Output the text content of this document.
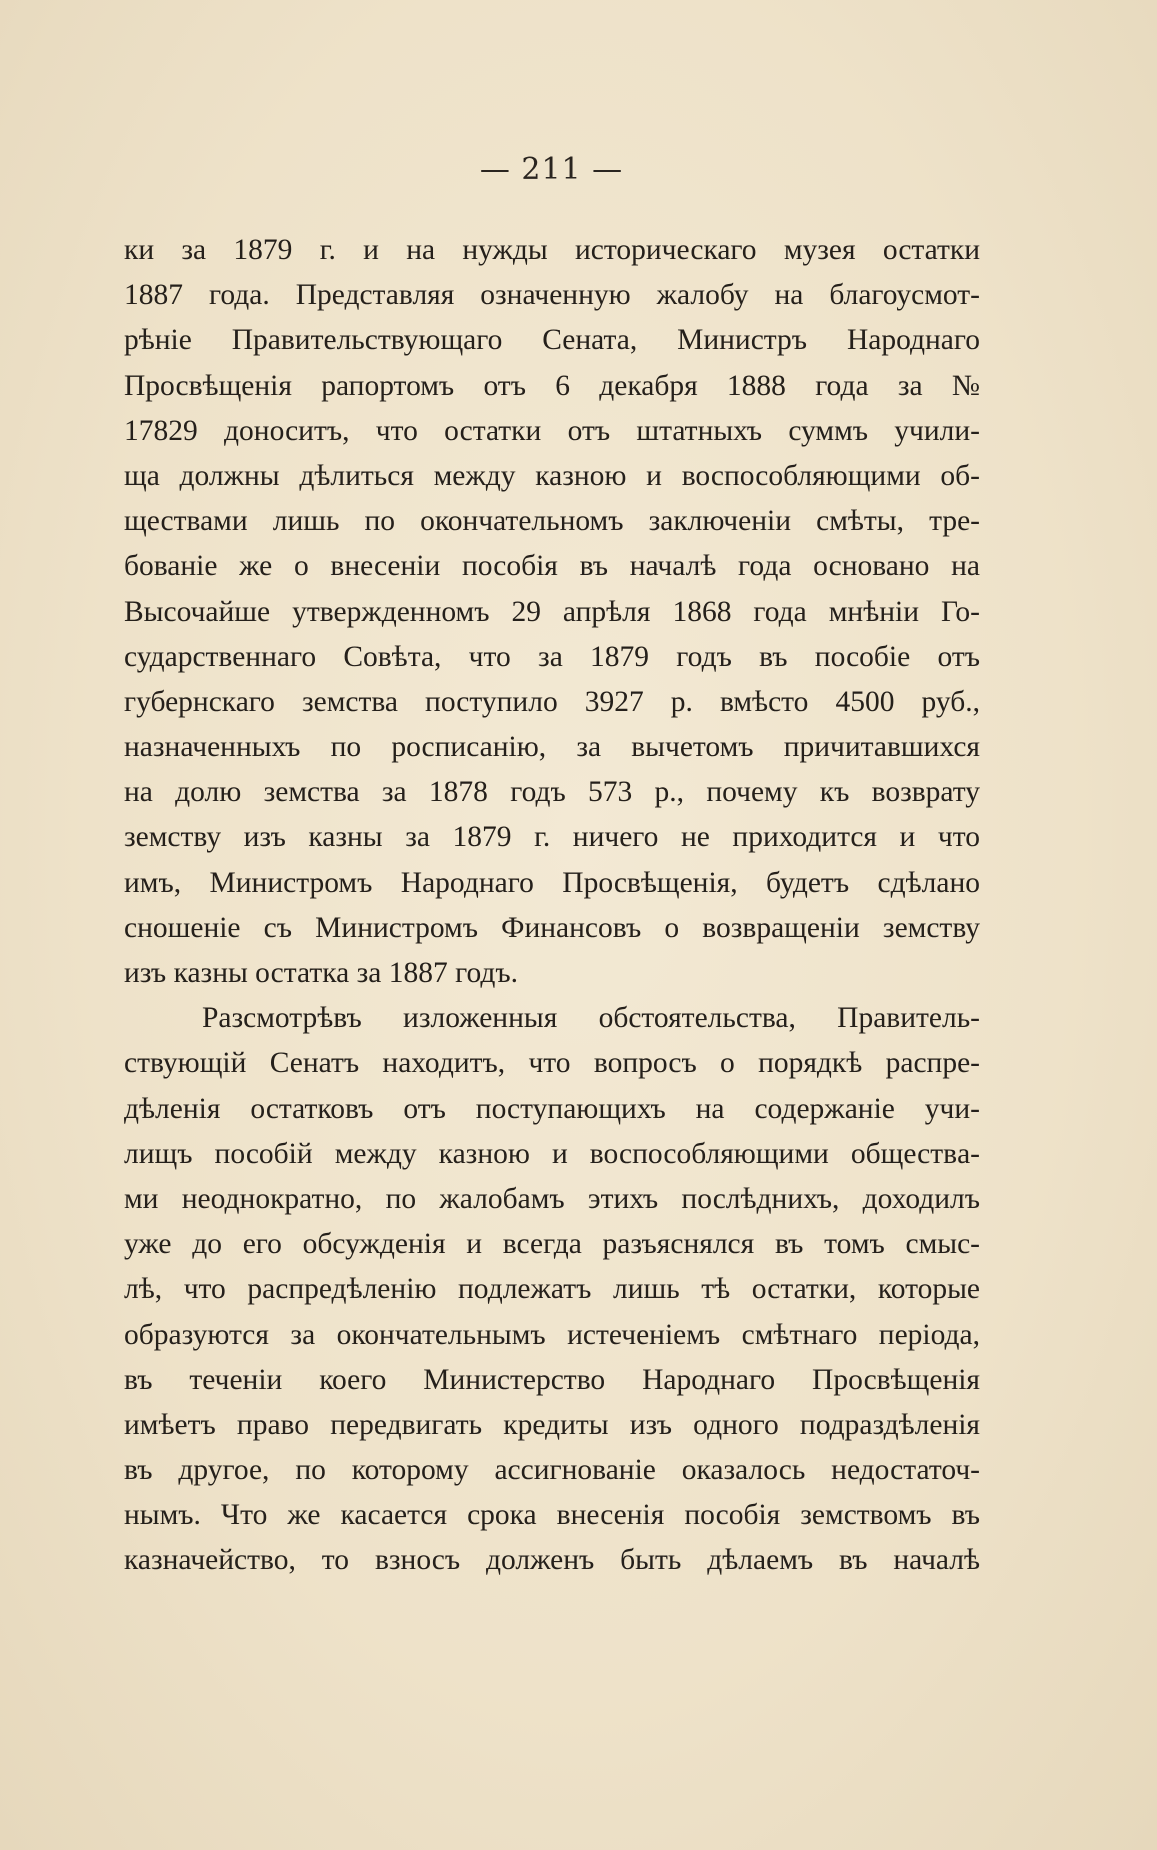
— 211 —
ки за 1879 г. и на нужды историческаго музея остатки
1887 года. Представляя означенную жалобу на благоусмот-
рѣніе Правительствующаго Сената, Министръ Народнаго
Просвѣщенія рапортомъ отъ 6 декабря 1888 года за №
17829 доноситъ, что остатки отъ штатныхъ суммъ учили-
ща должны дѣлиться между казною и воспособляющими об-
ществами лишь по окончательномъ заключеніи смѣты, тре-
бованіе же о внесеніи пособія въ началѣ года основано на
Высочайше утвержденномъ 29 апрѣля 1868 года мнѣніи Го-
сударственнаго Совѣта, что за 1879 годъ въ пособіе отъ
губернскаго земства поступило 3927 р. вмѣсто 4500 руб.,
назначенныхъ по росписанію, за вычетомъ причитавшихся
на долю земства за 1878 годъ 573 р., почему къ возврату
земству изъ казны за 1879 г. ничего не приходится и что
имъ, Министромъ Народнаго Просвѣщенія, будетъ сдѣлано
сношеніе съ Министромъ Финансовъ о возвращеніи земству
изъ казны остатка за 1887 годъ.
Разсмотрѣвъ изложенныя обстоятельства, Правитель-
ствующій Сенатъ находитъ, что вопросъ о порядкѣ распре-
дѣленія остатковъ отъ поступающихъ на содержаніе учи-
лищъ пособій между казною и воспособляющими обществa-
ми неоднократно, по жалобамъ этихъ послѣднихъ, доходилъ
уже до его обсужденія и всегда разъяснялся въ томъ смыс-
лѣ, что распредѣленію подлежатъ лишь тѣ остатки, которые
образуются за окончательнымъ истеченіемъ смѣтнаго періода,
въ теченіи коего Министерство Народнаго Просвѣщенія
имѣетъ право передвигать кредиты изъ одного подраздѣленія
въ другое, по которому ассигнованіе оказалось недостаточ-
нымъ. Что же касается срока внесенія пособія земствомъ въ
казначейство, то взносъ долженъ быть дѣлаемъ въ началѣ
